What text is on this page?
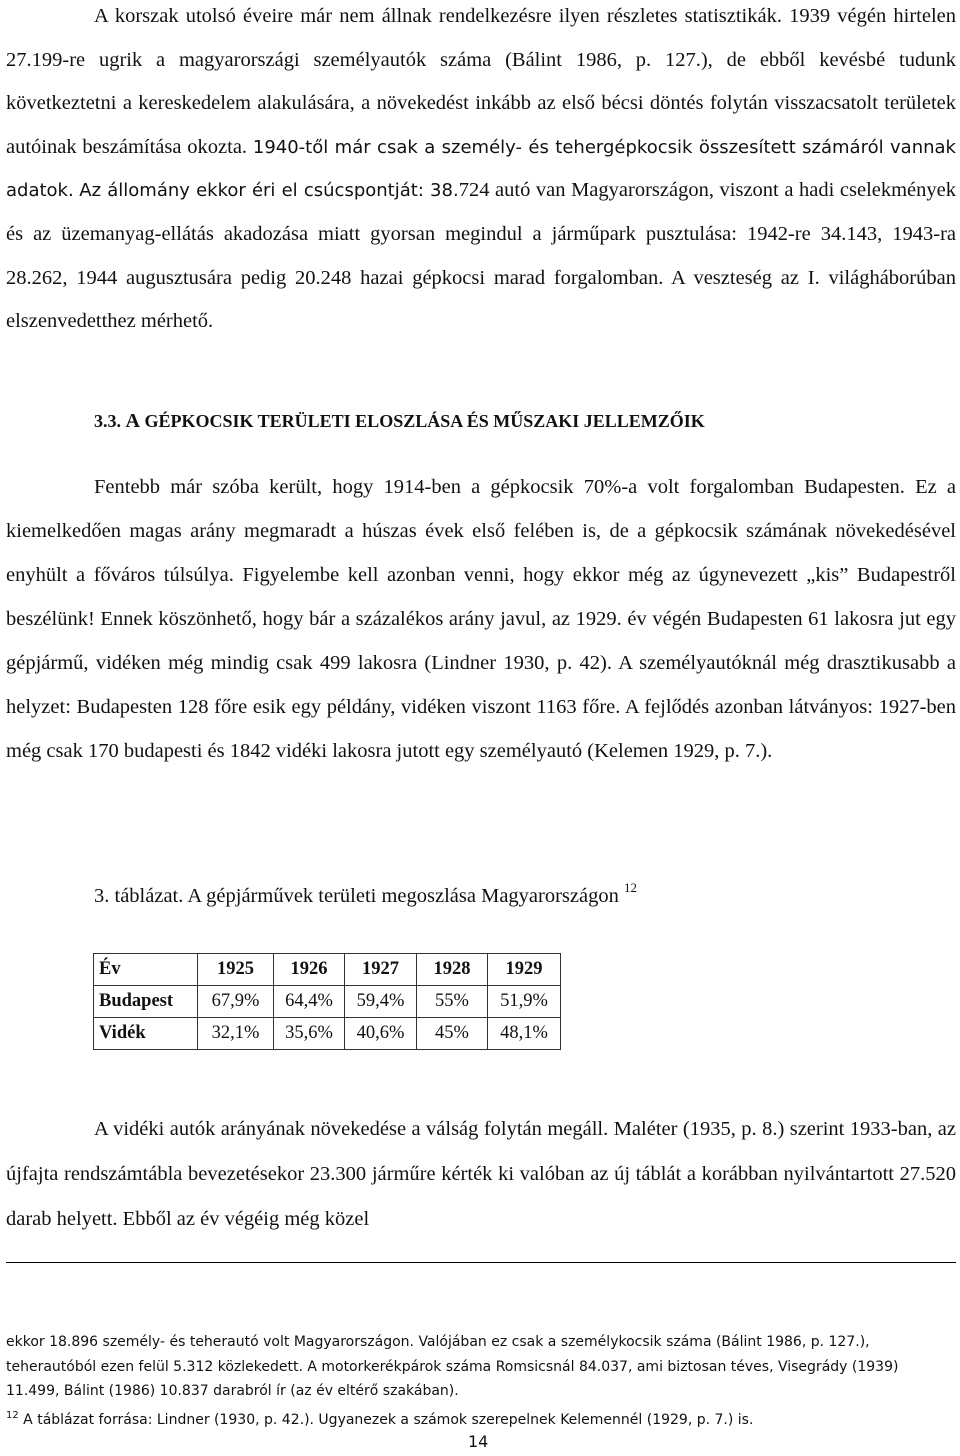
A korszak utolsó éveire már nem állnak rendelkezésre ilyen részletes statisztikák. 1939 végén hirtelen 27.199-re ugrik a magyarországi személyautók száma (Bálint 1986, p. 127.), de ebből kevésbé tudunk következtetni a kereskedelem alakulására, a növekedést inkább az első bécsi döntés folytán visszacsatolt területek autóinak beszámítása okozta. 1940-től már csak a személy- és tehergépkocsik összesített számáról vannak adatok. Az állomány ekkor éri el csúcspontját: 38.724 autó van Magyarországon, viszont a hadi cselekmények és az üzemanyag-ellátás akadozása miatt gyorsan megindul a járműpark pusztulása: 1942-re 34.143, 1943-ra 28.262, 1944 augusztusára pedig 20.248 hazai gépkocsi marad forgalomban. A veszteség az I. világháborúban elszenvedetthez mérhető.
3.3. A GÉPKOCSIK TERÜLETI ELOSZLÁSA ÉS MŰSZAKI JELLEMZŐIK
Fentebb már szóba került, hogy 1914-ben a gépkocsik 70%-a volt forgalomban Budapesten. Ez a kiemelkedően magas arány megmaradt a húszas évek első felében is, de a gépkocsik számának növekedésével enyhült a főváros túlsúlya. Figyelembe kell azonban venni, hogy ekkor még az úgynevezett „kis” Budapestről beszélünk! Ennek köszönhető, hogy bár a százalékos arány javul, az 1929. év végén Budapesten 61 lakosra jut egy gépjármű, vidéken még mindig csak 499 lakosra (Lindner 1930, p. 42). A személyautóknál még drasztikusabb a helyzet: Budapesten 128 főre esik egy példány, vidéken viszont 1163 főre. A fejlődés azonban látványos: 1927-ben még csak 170 budapesti és 1842 vidéki lakosra jutott egy személyautó (Kelemen 1929, p. 7.).
3. táblázat. A gépjárművek területi megoszlása Magyarországon $^{12}$
Év	1925	1926	1927	1928	1929
Budapest	67,9%	64,4%	59,4%	55%	51,9%
Vidék	32,1%	35,6%	40,6%	45%	48,1%
A vidéki autók arányának növekedése a válság folytán megáll. Maléter (1935, p. 8.) szerint 1933-ban, az újfajta rendszámtábla bevezetésekor 23.300 járműre kérték ki valóban az új táblát a korábban nyilvántartott 27.520 darab helyett. Ebből az év végéig még közel
ekkor 18.896 személy- és teherautó volt Magyarországon. Valójában ez csak a személykocsik száma (Bálint 1986, p. 127.), teherautóból ezen felül 5.312 közlekedett. A motorkerékpárok száma Romsicsnál 84.037, ami biztosan téves, Visegrády (1939) 11.499, Bálint (1986) 10.837 darabról ír (az év eltérő szakában).
$^{12}$ A táblázat forrása: Lindner (1930, p. 42.). Ugyanezek a számok szerepelnek Kelemennél (1929, p. 7.) is.
14
